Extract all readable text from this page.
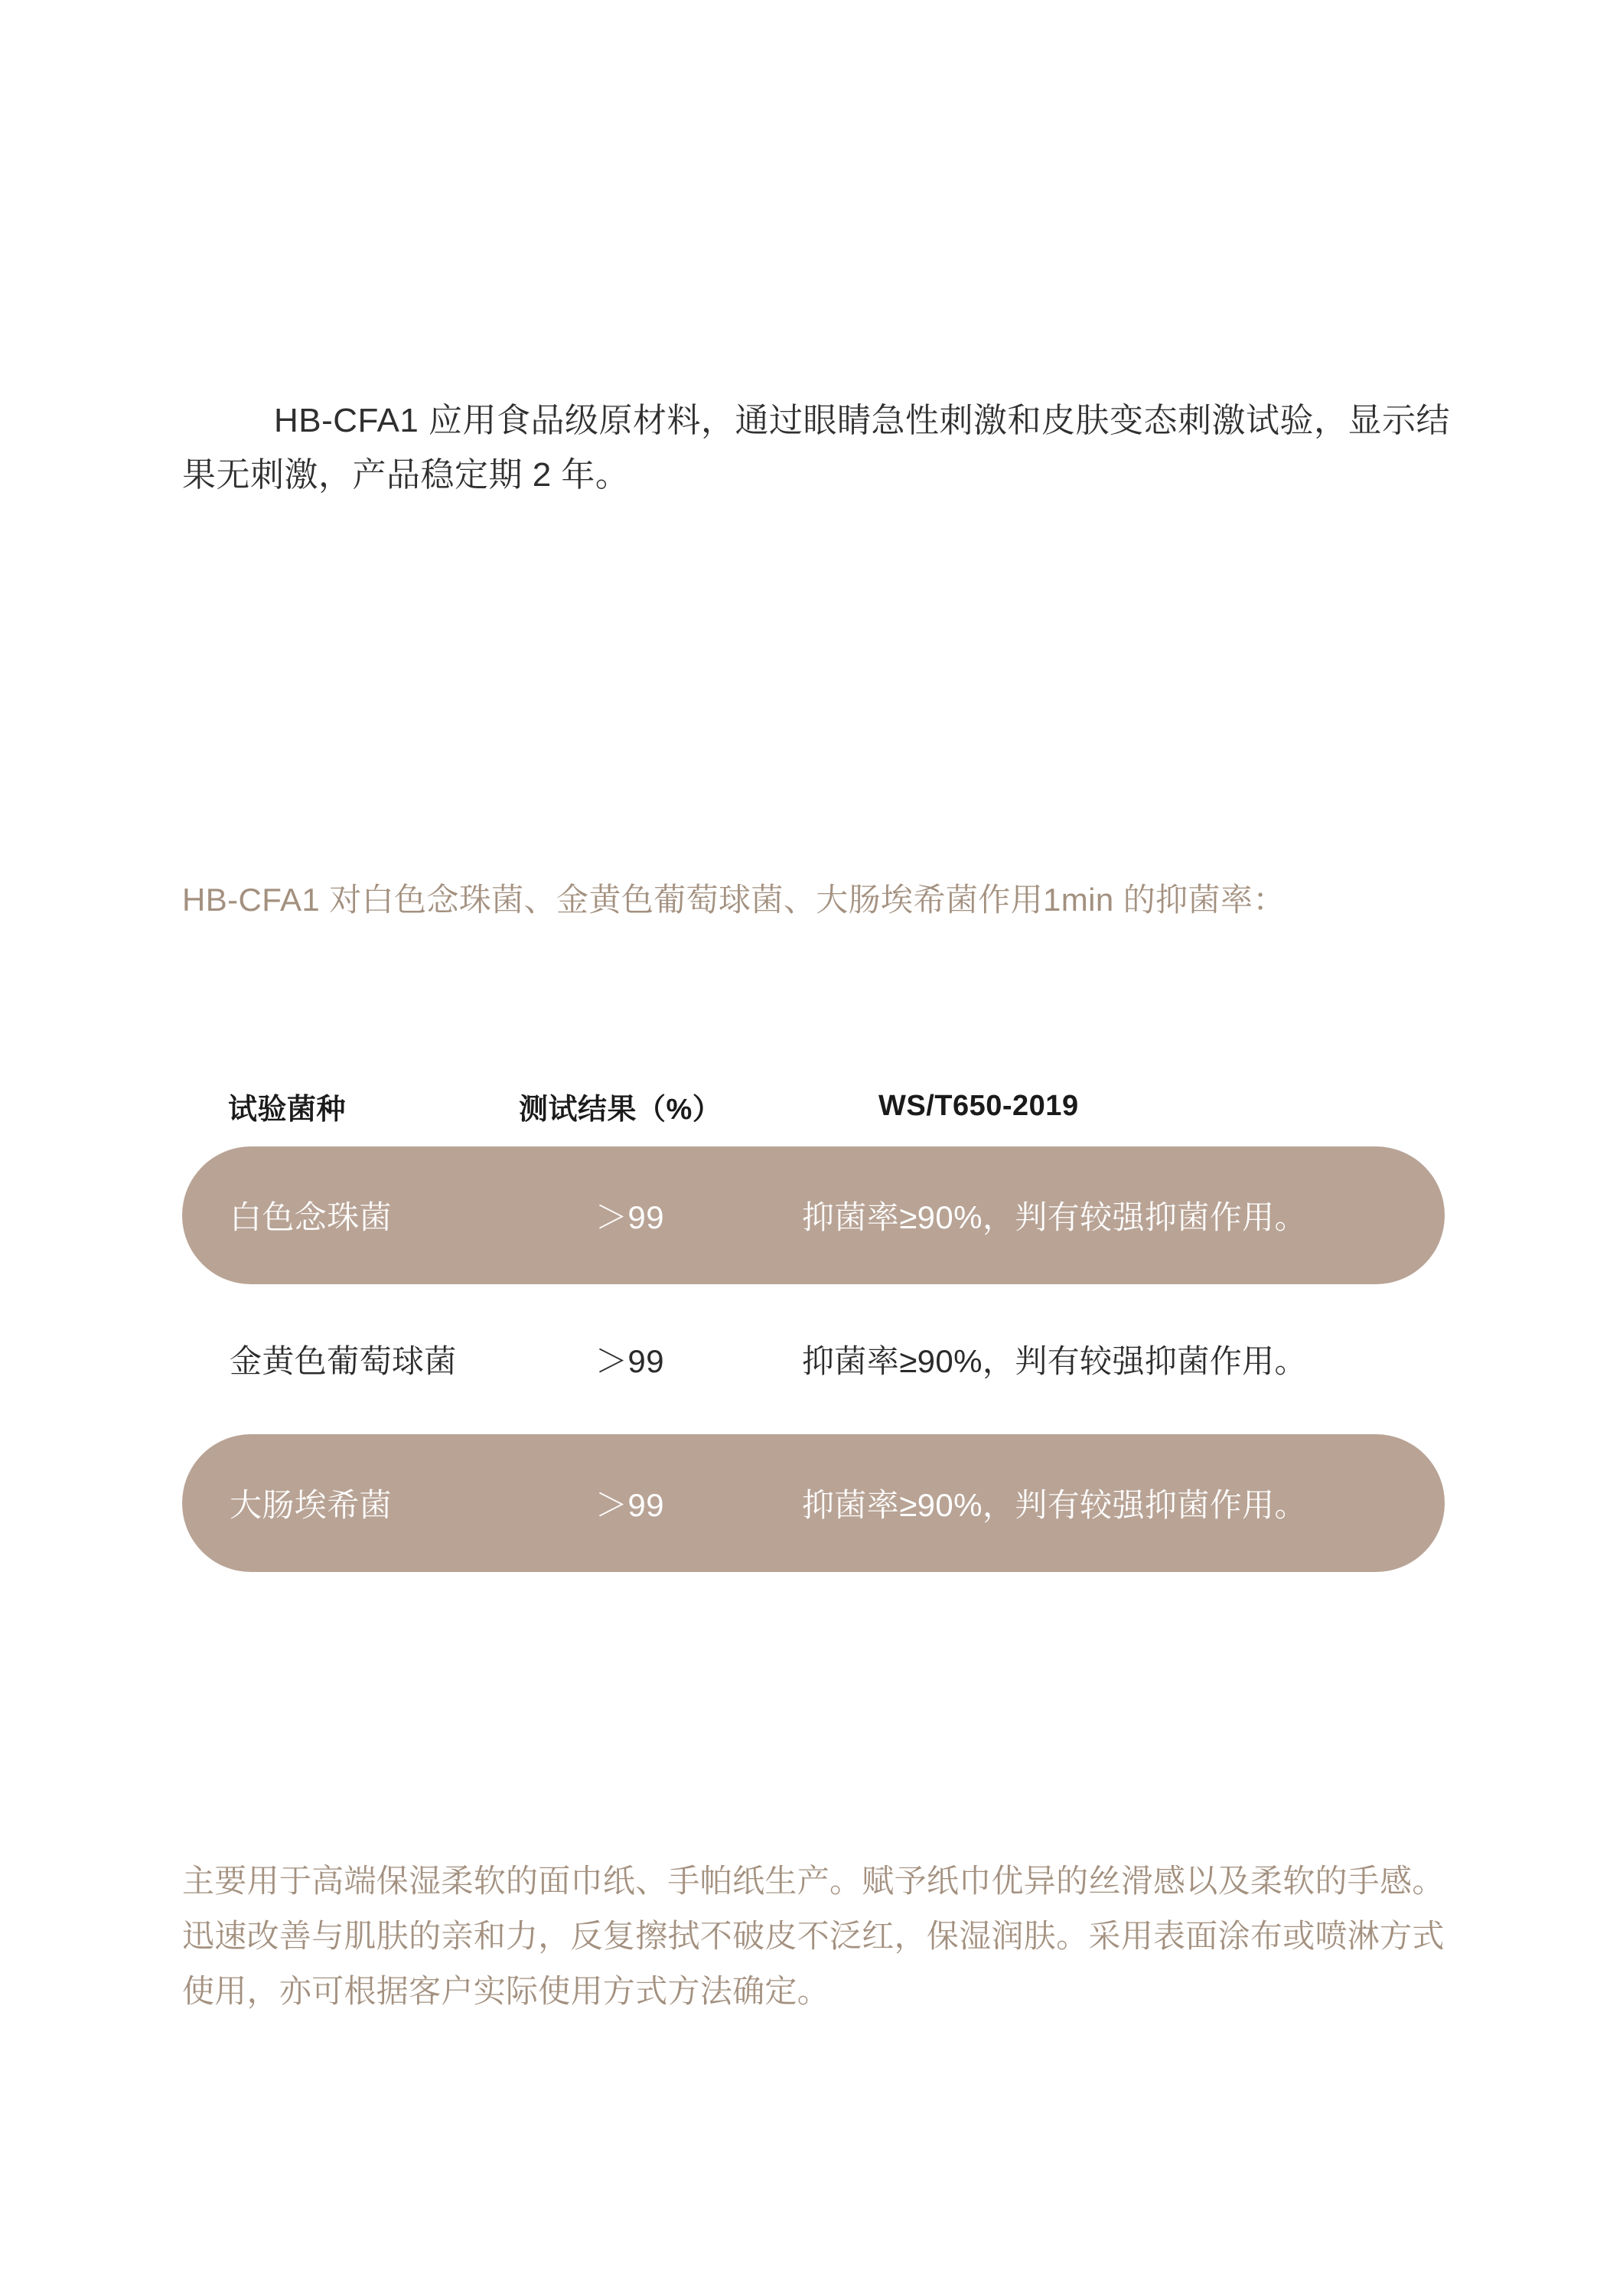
HB-CFA1 应用食品级原材料，通过眼睛急性刺激和皮肤变态刺激试验，显示结果无刺激，产品稳定期 2 年。

HB-CFA1 对白色念珠菌、金黄色葡萄球菌、大肠埃希菌作用1min 的抑菌率：

试验菌种	测试结果（%）	WS/T650-2019
白色念珠菌	＞99	抑菌率≥90%，判有较强抑菌作用。
金黄色葡萄球菌	＞99	抑菌率≥90%，判有较强抑菌作用。
大肠埃希菌	＞99	抑菌率≥90%，判有较强抑菌作用。

主要用于高端保湿柔软的面巾纸、手帕纸生产。赋予纸巾优异的丝滑感以及柔软的手感。迅速改善与肌肤的亲和力，反复擦拭不破皮不泛红，保湿润肤。采用表面涂布或喷淋方式使用，亦可根据客户实际使用方式方法确定。
